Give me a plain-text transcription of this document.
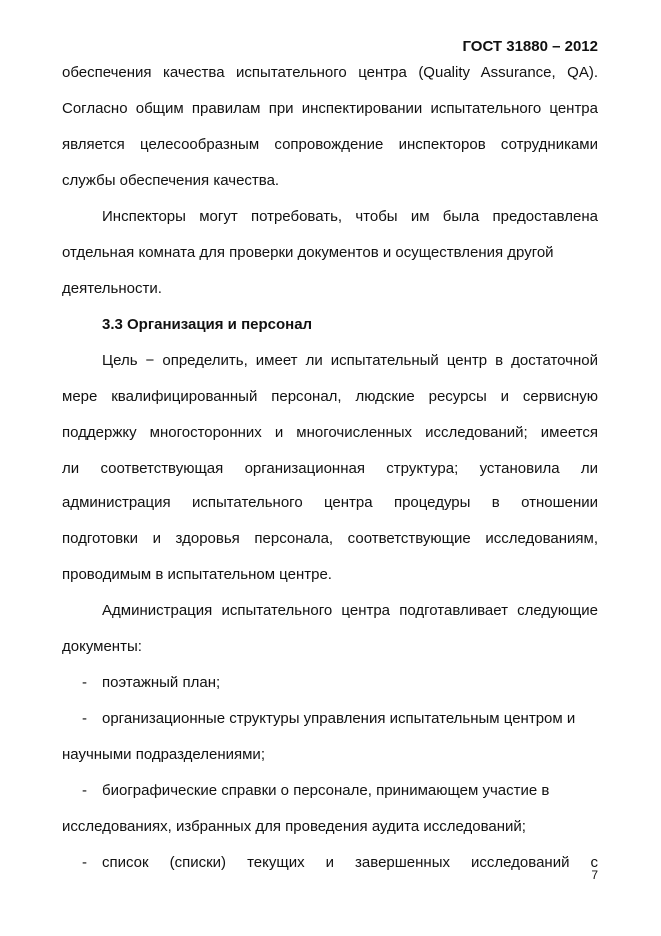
ГОСТ 31880 – 2012
обеспечения качества испытательного центра (Quality Assurance, QA).
Согласно общим правилам при инспектировании испытательного центра
является целесообразным сопровождение инспекторов сотрудниками
службы обеспечения качества.
Инспекторы могут потребовать, чтобы им была предоставлена
отдельная комната для проверки документов и осуществления другой
деятельности.
3.3 Организация и персонал
Цель − определить, имеет ли испытательный центр в достаточной
мере квалифицированный персонал, людские ресурсы и сервисную
поддержку многосторонних и многочисленных исследований; имеется
ли соответствующая организационная структура; установила ли
администрация испытательного центра процедуры в отношении
подготовки и здоровья персонала, соответствующие исследованиям,
проводимым в испытательном центре.
Администрация испытательного центра подготавливает следующие
документы:
- поэтажный план;
- организационные структуры управления испытательным центром и
научными подразделениями;
- биографические справки о персонале, принимающем участие в
исследованиях, избранных для проведения аудита исследований;
- список (списки) текущих и завершенных исследований с
7
